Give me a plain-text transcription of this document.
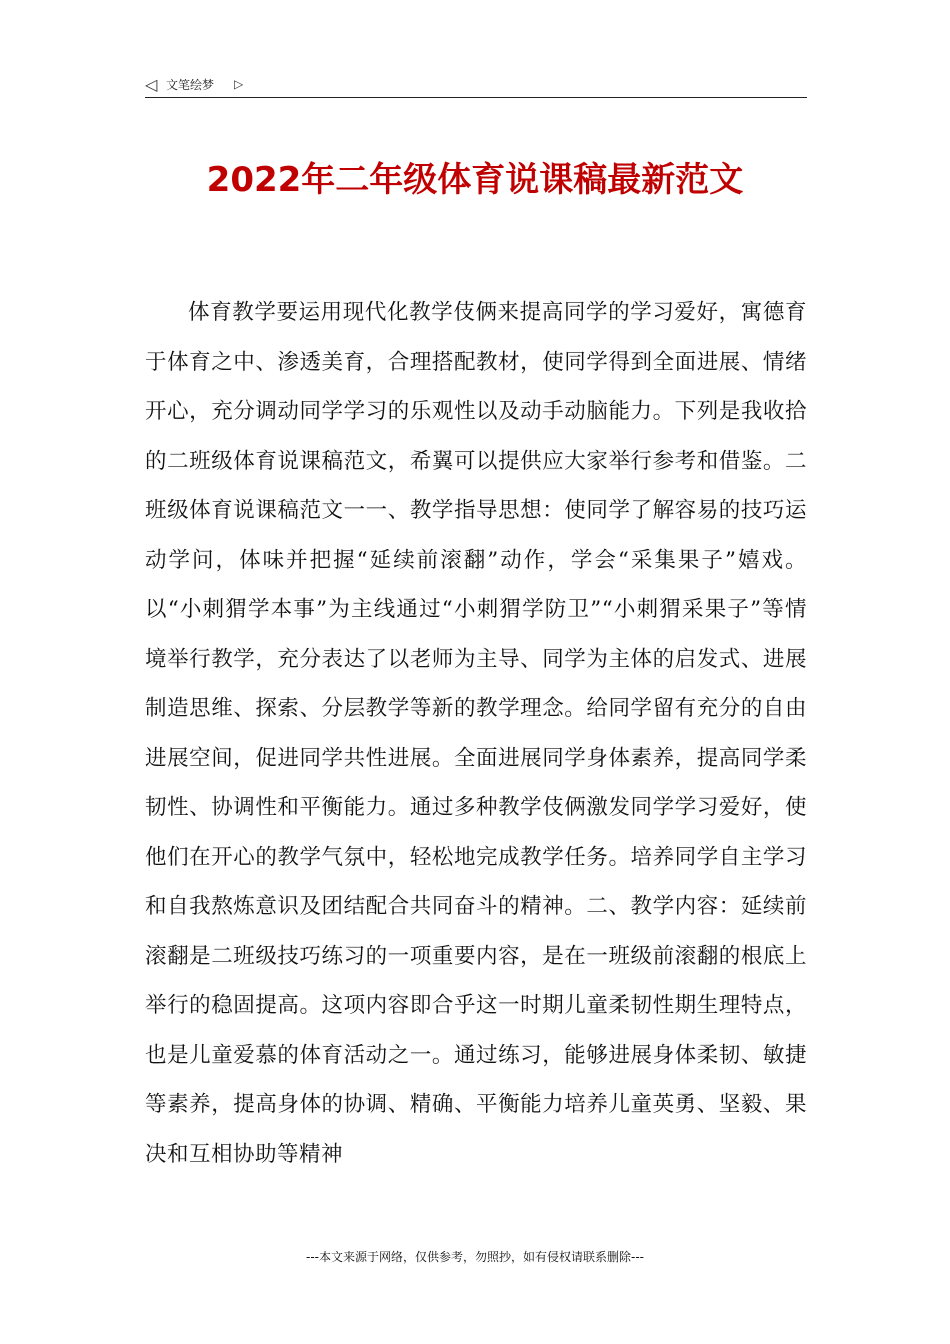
◁ 文笔绘梦 ▷
2022年二年级体育说课稿最新范文

体育教学要运用现代化教学伎俩来提高同学的学习爱好，寓德育于体育之中、渗透美育，合理搭配教材，使同学得到全面进展、情绪开心，充分调动同学学习的乐观性以及动手动脑能力。下列是我收拾的二班级体育说课稿范文，希翼可以提供应大家举行参考和借鉴。二班级体育说课稿范文一一、教学指导思想：使同学了解容易的技巧运动学问，体味并把握“延续前滚翻”动作，学会“采集果子”嬉戏。以“小刺猬学本事”为主线通过“小刺猬学防卫”“小刺猬采果子”等情境举行教学，充分表达了以老师为主导、同学为主体的启发式、进展制造思维、探索、分层教学等新的教学理念。给同学留有充分的自由进展空间，促进同学共性进展。全面进展同学身体素养，提高同学柔韧性、协调性和平衡能力。通过多种教学伎俩激发同学学习爱好，使他们在开心的教学气氛中，轻松地完成教学任务。培养同学自主学习和自我熬炼意识及团结配合共同奋斗的精神。二、教学内容：延续前滚翻是二班级技巧练习的一项重要内容，是在一班级前滚翻的根底上举行的稳固提高。这项内容即合乎这一时期儿童柔韧性期生理特点，也是儿童爱慕的体育活动之一。通过练习，能够进展身体柔韧、敏捷等素养，提高身体的协调、精确、平衡能力培养儿童英勇、坚毅、果决和互相协助等精神

---本文来源于网络，仅供参考，勿照抄，如有侵权请联系删除---
